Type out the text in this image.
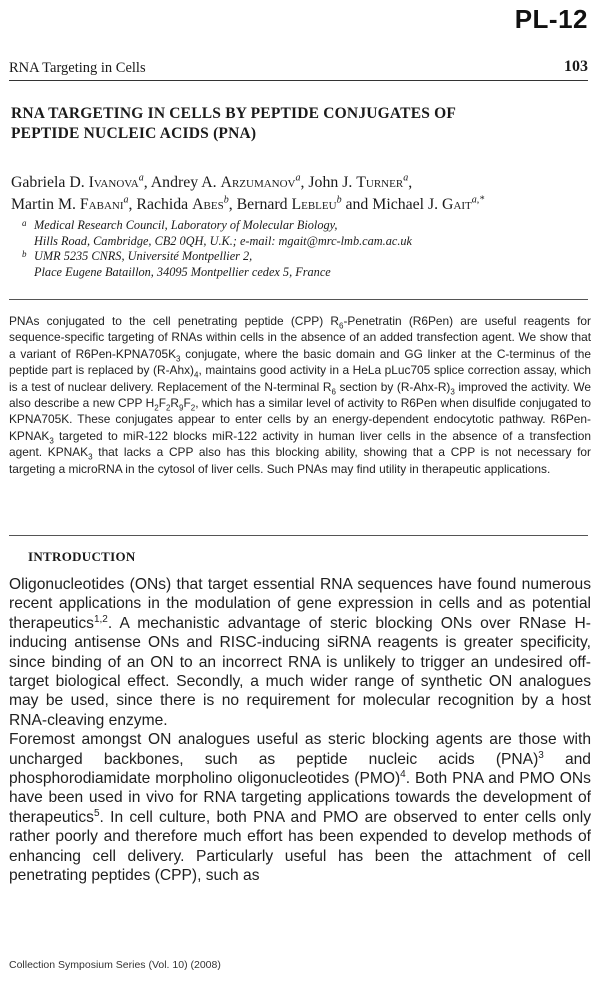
PL-12
RNA Targeting in Cells	103
RNA TARGETING IN CELLS BY PEPTIDE CONJUGATES OF
PEPTIDE NUCLEIC ACIDS (PNA)

Gabriela D. Ivanova$^a$, Andrey A. Arzumanov$^a$, John J. Turner$^a$,
Martin M. Fabani$^a$, Rachida Abes$^b$, Bernard Lebleu$^b$ and Michael J. Gait$^{a,*}$

a Medical Research Council, Laboratory of Molecular Biology,
Hills Road, Cambridge, CB2 0QH, U.K.; e-mail: mgait@mrc-lmb.cam.ac.uk
b UMR 5235 CNRS, Université Montpellier 2,
Place Eugene Bataillon, 34095 Montpellier cedex 5, France

PNAs conjugated to the cell penetrating peptide (CPP) $R_6$-Penetratin (R6Pen) are useful reagents for sequence-specific targeting of RNAs within cells in the absence of an added transfection agent. We show that a variant of $R6Pen-KPNA705K_3$ conjugate, where the basic domain and GG linker at the C-terminus of the peptide part is replaced by $(R-Ahx)_4$, maintains good activity in a HeLa pLuc705 splice correction assay, which is a test of nuclear delivery. Replacement of the N-terminal $R_6$ section by $(R-Ahx-R)_3$ improved the activity. We also describe a new CPP $H_2F_2R_9F_2$, which has a similar level of activity to R6Pen when disulfide conjugated to KPNA705K. These conjugates appear to enter cells by an energy-dependent endocytotic pathway. $R6Pen-KPNAK_3$ targeted to miR-122 blocks miR-122 activity in human liver cells in the absence of a transfection agent. $KPNAK_3$ that lacks a CPP also has this blocking ability, showing that a CPP is not necessary for targeting a microRNA in the cytosol of liver cells. Such PNAs may find utility in therapeutic applications.

INTRODUCTION

Oligonucleotides (ONs) that target essential RNA sequences have found numerous recent applications in the modulation of gene expression in cells and as potential therapeutics$^{1,2}$. A mechanistic advantage of steric blocking ONs over RNase H-inducing antisense ONs and RISC-inducing siRNA reagents is greater specificity, since binding of an ON to an incorrect RNA is unlikely to trigger an undesired off-target biological effect. Secondly, a much wider range of synthetic ON analogues may be used, since there is no requirement for molecular recognition by a host RNA-cleaving enzyme.

Foremost amongst ON analogues useful as steric blocking agents are those with uncharged backbones, such as peptide nucleic acids (PNA)$^3$ and phosphorodiamidate morpholino oligonucleotides (PMO)$^4$. Both PNA and PMO ONs have been used in vivo for RNA targeting applications towards the development of therapeutics$^5$. In cell culture, both PNA and PMO are observed to enter cells only rather poorly and therefore much effort has been expended to develop methods of enhancing cell delivery. Particularly useful has been the attachment of cell penetrating peptides (CPP), such as

Collection Symposium Series (Vol. 10) (2008)
